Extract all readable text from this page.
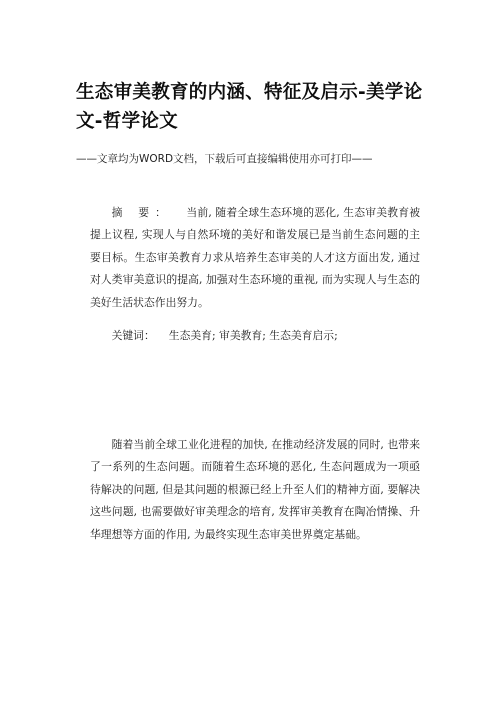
生态审美教育的内涵、特征及启示-美学论文-哲学论文

——文章均为WORD文档，下载后可直接编辑使用亦可打印——

摘 要： 当前, 随着全球生态环境的恶化, 生态审美教育被提上议程, 实现人与自然环境的美好和谐发展已是当前生态问题的主要目标。生态审美教育力求从培养生态审美的人才这方面出发, 通过对人类审美意识的提高, 加强对生态环境的重视, 而为实现人与生态的美好生活状态作出努力。

关键词： 生态美育; 审美教育; 生态美育启示;

随着当前全球工业化进程的加快, 在推动经济发展的同时, 也带来了一系列的生态问题。而随着生态环境的恶化, 生态问题成为一项亟待解决的问题, 但是其问题的根源已经上升至人们的精神方面, 要解决这些问题, 也需要做好审美理念的培育, 发挥审美教育在陶冶情操、升华理想等方面的作用, 为最终实现生态审美世界奠定基础。
